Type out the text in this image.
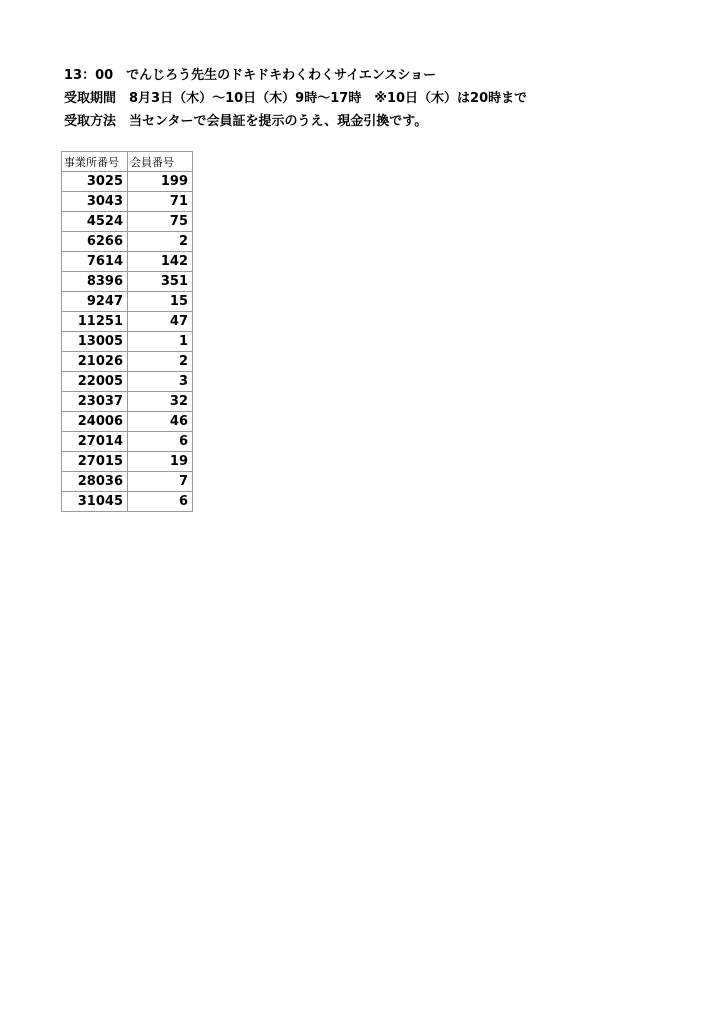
13：00　でんじろう先生のドキドキわくわくサイエンスショー
受取期間　8月3日（木）～10日（木）9時～17時　※10日（木）は20時まで
受取方法　当センターで会員証を提示のうえ、現金引換です。
事業所番号	会員番号
3025	199
3043	71
4524	75
6266	2
7614	142
8396	351
9247	15
11251	47
13005	1
21026	2
22005	3
23037	32
24006	46
27014	6
27015	19
28036	7
31045	6
